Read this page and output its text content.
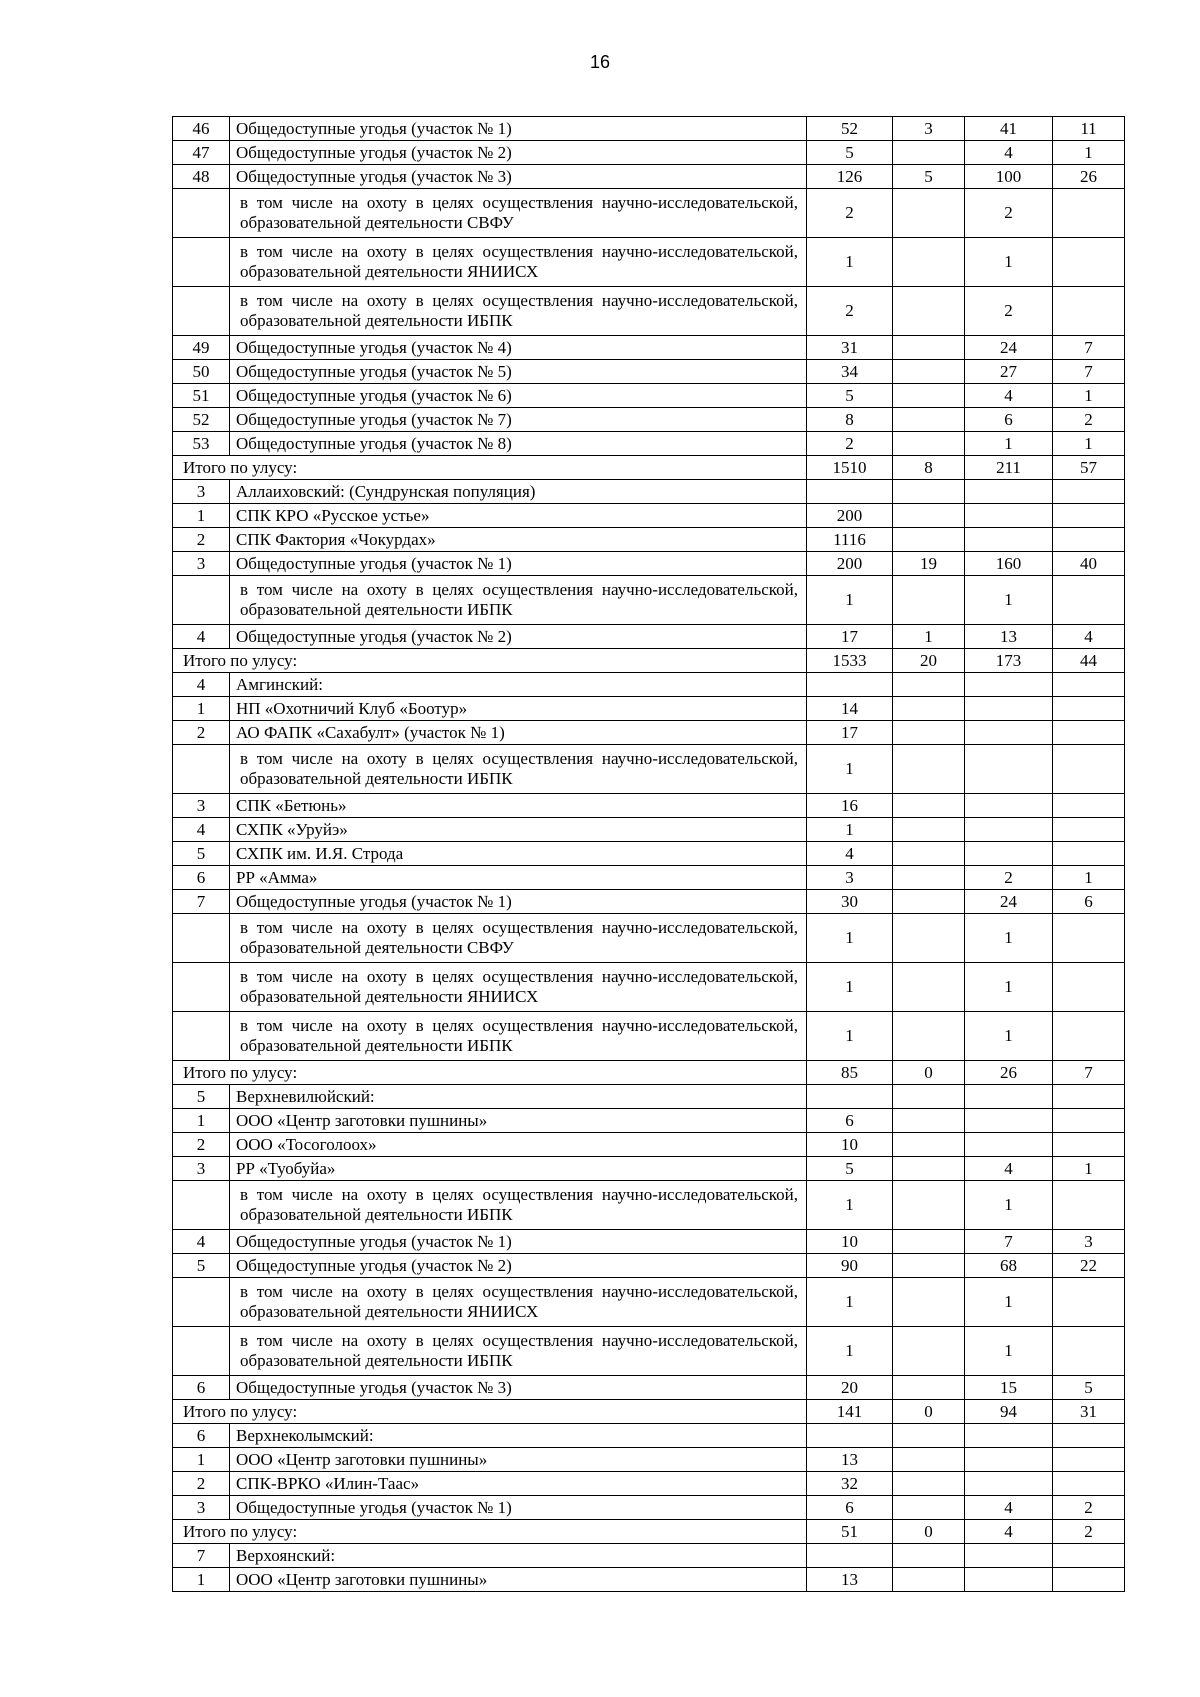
16
46	Общедоступные угодья (участок № 1)	52	3	41	11
47	Общедоступные угодья (участок № 2)	5		4	1
48	Общедоступные угодья (участок № 3)	126	5	100	26
	в том числе на охоту в целях осуществления научно-исследовательской, образовательной деятельности СВФУ	2		2	
	в том числе на охоту в целях осуществления научно-исследовательской, образовательной деятельности ЯНИИСХ	1		1	
	в том числе на охоту в целях осуществления научно-исследовательской, образовательной деятельности ИБПК	2		2	
49	Общедоступные угодья (участок № 4)	31		24	7
50	Общедоступные угодья (участок № 5)	34		27	7
51	Общедоступные угодья (участок № 6)	5		4	1
52	Общедоступные угодья (участок № 7)	8		6	2
53	Общедоступные угодья (участок № 8)	2		1	1
Итого по улусу:		1510	8	211	57
3	Аллаиховский: (Сундрунская популяция)				
1	СПК КРО «Русское устье»	200			
2	СПК Фактория «Чокурдах»	1116			
3	Общедоступные угодья (участок № 1)	200	19	160	40
	в том числе на охоту в целях осуществления научно-исследовательской, образовательной деятельности ИБПК	1		1	
4	Общедоступные угодья (участок № 2)	17	1	13	4
Итого по улусу:		1533	20	173	44
4	Амгинский:				
1	НП «Охотничий Клуб «Боотур»	14			
2	АО ФАПК «Сахабулт» (участок № 1)	17			
	в том числе на охоту в целях осуществления научно-исследовательской, образовательной деятельности ИБПК	1			
3	СПК «Бетюнь»	16			
4	СХПК «Уруйэ»	1			
5	СХПК им. И.Я. Строда	4			
6	РР «Амма»	3		2	1
7	Общедоступные угодья (участок № 1)	30		24	6
	в том числе на охоту в целях осуществления научно-исследовательской, образовательной деятельности СВФУ	1		1	
	в том числе на охоту в целях осуществления научно-исследовательской, образовательной деятельности ЯНИИСХ	1		1	
	в том числе на охоту в целях осуществления научно-исследовательской, образовательной деятельности ИБПК	1		1	
Итого по улусу:		85	0	26	7
5	Верхневилюйский:				
1	ООО «Центр заготовки пушнины»	6			
2	ООО «Тосоголоох»	10			
3	РР «Туобуйа»	5		4	1
	в том числе на охоту в целях осуществления научно-исследовательской, образовательной деятельности ИБПК	1		1	
4	Общедоступные угодья (участок № 1)	10		7	3
5	Общедоступные угодья (участок № 2)	90		68	22
	в том числе на охоту в целях осуществления научно-исследовательской, образовательной деятельности ЯНИИСХ	1		1	
	в том числе на охоту в целях осуществления научно-исследовательской, образовательной деятельности ИБПК	1		1	
6	Общедоступные угодья (участок № 3)	20		15	5
Итого по улусу:		141	0	94	31
6	Верхнеколымский:				
1	ООО «Центр заготовки пушнины»	13			
2	СПК-ВРКО «Илин-Таас»	32			
3	Общедоступные угодья (участок № 1)	6		4	2
Итого по улусу:		51	0	4	2
7	Верхоянский:				
1	ООО «Центр заготовки пушнины»	13			
